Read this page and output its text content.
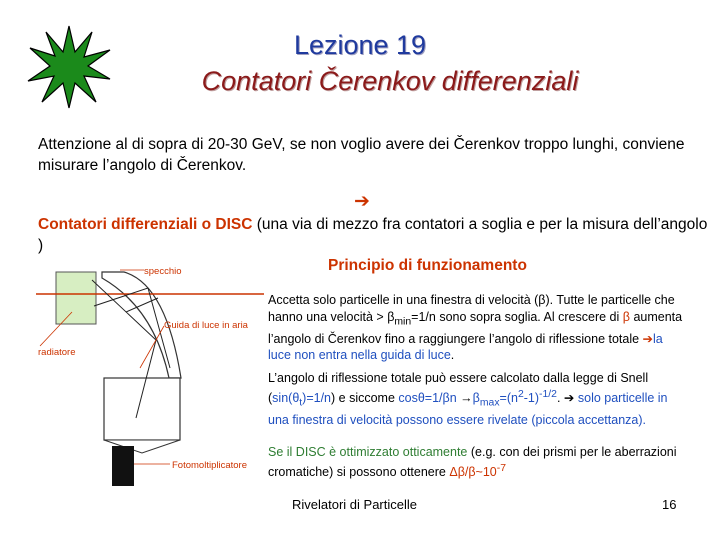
Lezione 19
Contatori Čerenkov differenziali
Attenzione al di sopra di 20-30 GeV, se non voglio avere dei Čerenkov troppo lunghi, conviene misurare l’angolo di Čerenkov.
➔
Contatori differenziali o DISC (una via di mezzo fra contatori a soglia e per la misura dell’angolo )
Principio di funzionamento
specchio
Guida di luce in aria
radiatore
Fotomoltiplicatore
Accetta solo particelle in una finestra di velocità (β). Tutte le particelle che hanno una velocità > $\beta_{min}=1/n$ sono sopra soglia. Al crescere di β aumenta l’angolo di Čerenkov fino a raggiungere l’angolo di riflessione totale ➔la luce non entra nella guida di luce.
L’angolo di riflessione totale può essere calcolato dalla legge di Snell $(\sin(\theta_t)=1/n)$ e siccome $\cos\theta=1/\beta n \to\beta_{max}=(n^2-1)^{-1/2}$. ➔ solo particelle in una finestra di velocità possono essere rivelate (piccola accettanza).
Se il DISC è ottimizzato otticamente (e.g. con dei prismi per le aberrazioni cromatiche) si possono ottenere $\Delta\beta/\beta\sim 10^{-7}$
Rivelatori di Particelle	16
